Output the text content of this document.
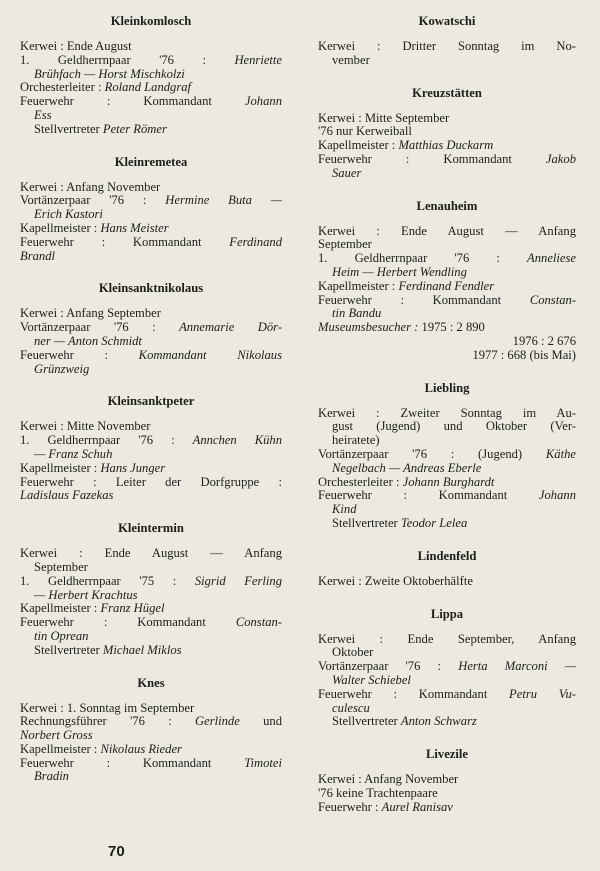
Kleinkomlosch
Kerwei : Ende August
1. Geldherrnpaar '76 : Henriette
Brühfach — Horst Mischkolzi
Orchesterleiter : Roland Landgraf
Feuerwehr : Kommandant Johann
Ess
Stellvertreter Peter Römer
Kleinremetea
Kerwei : Anfang November
Vortänzerpaar '76 : Hermine Buta —
Erich Kastori
Kapellmeister : Hans Meister
Feuerwehr : Kommandant Ferdinand
Brandl
Kleinsanktnikolaus
Kerwei : Anfang September
Vortänzerpaar '76 : Annemarie Dör-
ner — Anton Schmidt
Feuerwehr : Kommandant Nikolaus
Grünzweig
Kleinsanktpeter
Kerwei : Mitte November
1. Geldherrnpaar '76 : Annchen Kühn
— Franz Schuh
Kapellmeister : Hans Junger
Feuerwehr : Leiter der Dorfgruppe :
Ladislaus Fazekas
Kleintermin
Kerwei : Ende August — Anfang
September
1. Geldherrnpaar '75 : Sigrid Ferling
— Herbert Krachtus
Kapellmeister : Franz Hügel
Feuerwehr : Kommandant Constan-
tin Oprean
Stellvertreter Michael Miklos
Knes
Kerwei : 1. Sonntag im September
Rechnungsführer '76 : Gerlinde und
Norbert Gross
Kapellmeister : Nikolaus Rieder
Feuerwehr : Kommandant Timotei
Bradin
Kowatschi
Kerwei : Dritter Sonntag im No-
vember
Kreuzstätten
Kerwei : Mitte September
'76 nur Kerweiball
Kapellmeister : Matthias Duckarm
Feuerwehr : Kommandant Jakob
Sauer
Lenauheim
Kerwei : Ende August — Anfang
September
1. Geldherrnpaar '76 : Anneliese
Heim — Herbert Wendling
Kapellmeister : Ferdinand Fendler
Feuerwehr : Kommandant Constan-
tin Bandu
Museumsbesucher : 1975 : 2 890
1976 : 2 676
1977 : 668 (bis Mai)
Liebling
Kerwei : Zweiter Sonntag im Au-
gust (Jugend) und Oktober (Ver-
heiratete)
Vortänzerpaar '76 : (Jugend) Käthe
Negelbach — Andreas Eberle
Orchesterleiter : Johann Burghardt
Feuerwehr : Kommandant Johann
Kind
Stellvertreter Teodor Lelea
Lindenfeld
Kerwei : Zweite Oktoberhälfte
Lippa
Kerwei : Ende September, Anfang
Oktober
Vortänzerpaar '76 : Herta Marconi —
Walter Schiebel
Feuerwehr : Kommandant Petru Vu-
culescu
Stellvertreter Anton Schwarz
Livezile
Kerwei : Anfang November
'76 keine Trachtenpaare
Feuerwehr : Aurel Ranisav
70
